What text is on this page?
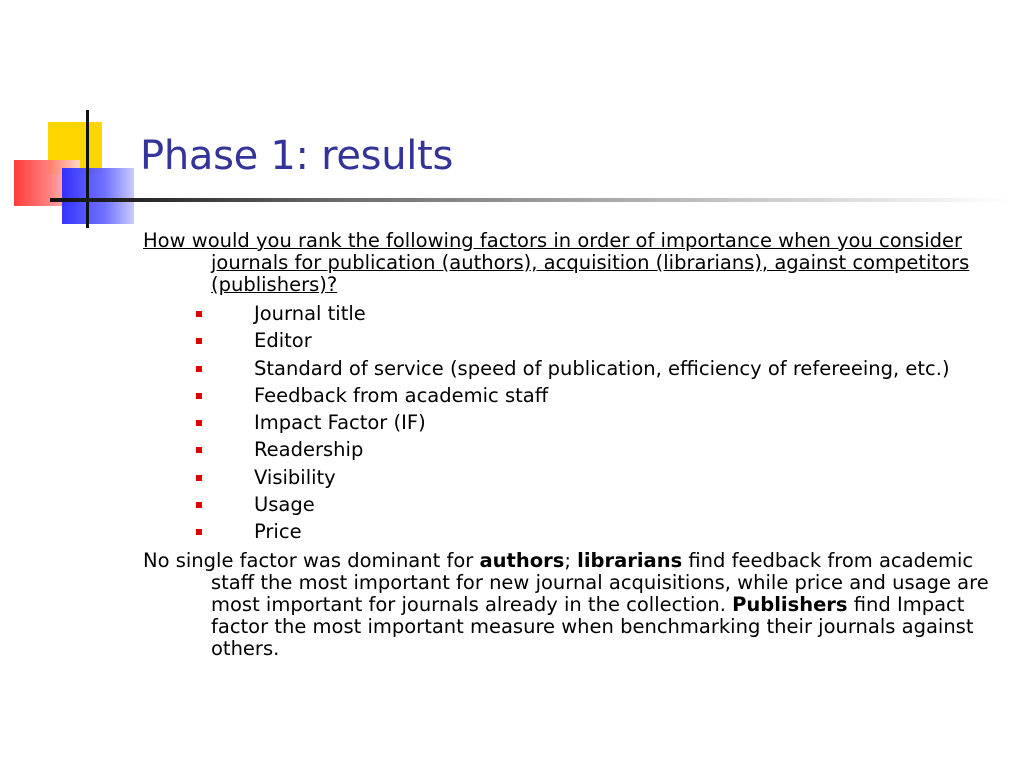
Phase 1: results
How would you rank the following factors in order of importance when you consider journals for publication (authors), acquisition (librarians), against competitors (publishers)?
Journal title
Editor
Standard of service (speed of publication, efficiency of refereeing, etc.)
Feedback from academic staff
Impact Factor (IF)
Readership
Visibility
Usage
Price
No single factor was dominant for authors; librarians find feedback from academic staff the most important for new journal acquisitions, while price and usage are most important for journals already in the collection. Publishers find Impact factor the most important measure when benchmarking their journals against others.
